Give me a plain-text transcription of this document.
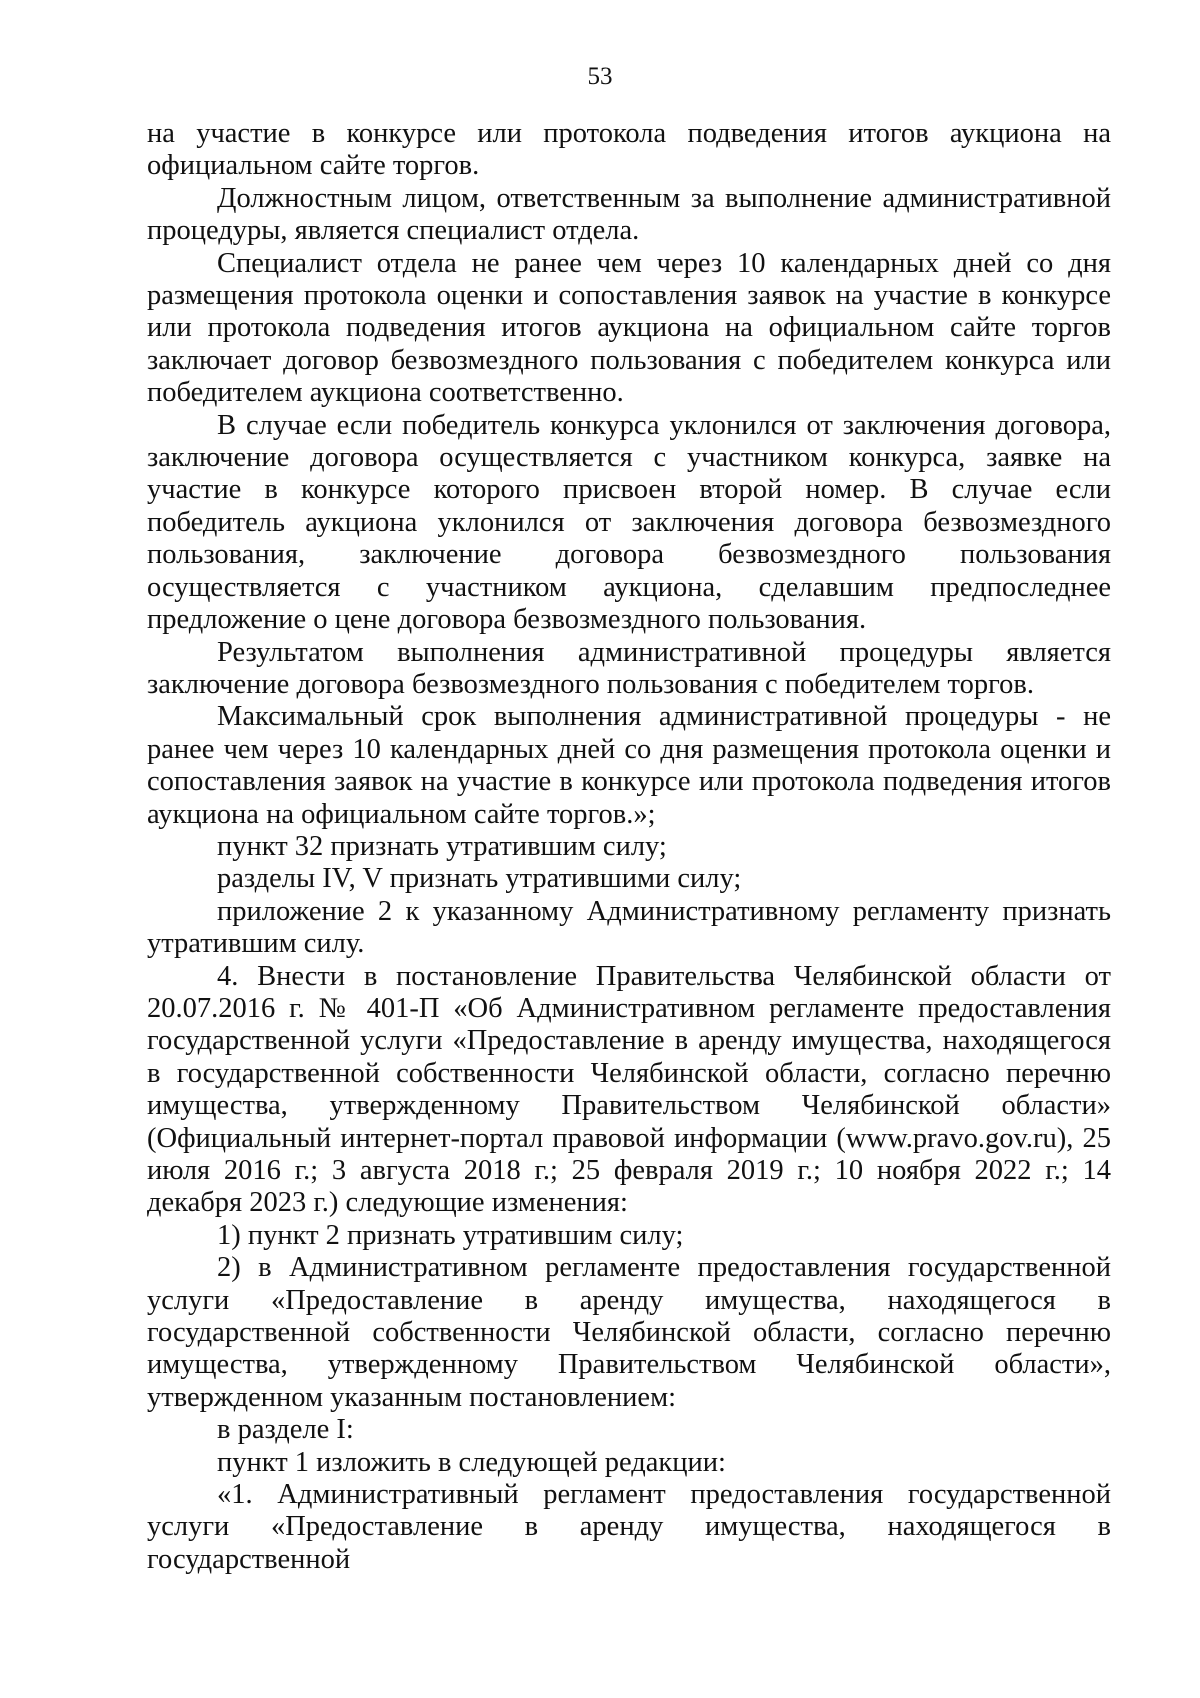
53

на участие в конкурсе или протокола подведения итогов аукциона на официальном сайте торгов.

Должностным лицом, ответственным за выполнение административной процедуры, является специалист отдела.

Специалист отдела не ранее чем через 10 календарных дней со дня размещения протокола оценки и сопоставления заявок на участие в конкурсе или протокола подведения итогов аукциона на официальном сайте торгов заключает договор безвозмездного пользования с победителем конкурса или победителем аукциона соответственно.

В случае если победитель конкурса уклонился от заключения договора, заключение договора осуществляется с участником конкурса, заявке на участие в конкурсе которого присвоен второй номер. В случае если победитель аукциона уклонился от заключения договора безвозмездного пользования, заключение договора безвозмездного пользования осуществляется с участником аукциона, сделавшим предпоследнее предложение о цене договора безвозмездного пользования.

Результатом выполнения административной процедуры является заключение договора безвозмездного пользования с победителем торгов.

Максимальный срок выполнения административной процедуры - не ранее чем через 10 календарных дней со дня размещения протокола оценки и сопоставления заявок на участие в конкурсе или протокола подведения итогов аукциона на официальном сайте торгов.»;

пункт 32 признать утратившим силу;

разделы IV, V признать утратившими силу;

приложение 2 к указанному Административному регламенту признать утратившим силу.

4. Внести в постановление Правительства Челябинской области от 20.07.2016 г. № 401-П «Об Административном регламенте предоставления государственной услуги «Предоставление в аренду имущества, находящегося в государственной собственности Челябинской области, согласно перечню имущества, утвержденному Правительством Челябинской области» (Официальный интернет-портал правовой информации (www.pravo.gov.ru), 25 июля 2016 г.; 3 августа 2018 г.; 25 февраля 2019 г.; 10 ноября 2022 г.; 14 декабря 2023 г.) следующие изменения:

1) пункт 2 признать утратившим силу;

2) в Административном регламенте предоставления государственной услуги «Предоставление в аренду имущества, находящегося в государственной собственности Челябинской области, согласно перечню имущества, утвержденному Правительством Челябинской области», утвержденном указанным постановлением:

в разделе I:

пункт 1 изложить в следующей редакции:

«1. Административный регламент предоставления государственной услуги «Предоставление в аренду имущества, находящегося в государственной
